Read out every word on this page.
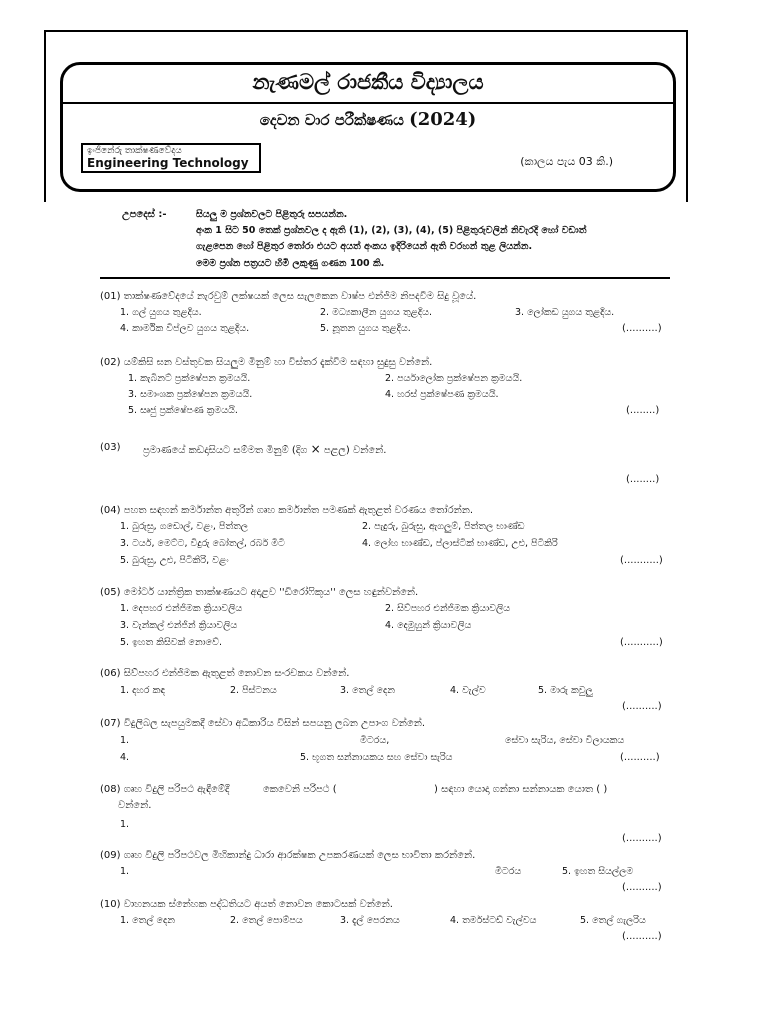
නැණමල් රාජකීය විද්‍යාලය
දෙවන වාර පරීක්ෂණය (2024)
ඉංජිනේරු තාක්ෂණවේදය
Engineering Technology	(කාලය පැය 03 කි.)
උපදෙස් :-	සියලු ම ප්‍රශ්නවලට පිළිතුරු සපයන්න.
අංක 1 සිට 50 තෙක් ප්‍රශ්නවල ද ඇති (1), (2), (3), (4), (5) පිළිතුරුවලින් නිවැරදි හෝ වඩාත්
ගැළපෙන හෝ පිළිතුර තෝරා එයට අයත් අංකය ඉදිරියෙන් ඇති වරහන් තුළ ලියන්න.
මෙම ප්‍රශ්න පත්‍රයට හිමි ලකුණු ගණන 100 කි.
(01) තාක්ෂණවේදයේ නැරවුම් ලක්ෂයක් ලෙස සැලකෙන වාෂ්ප එන්ජිම නිපදවීම සිදු වූයේ.
1. ගල් යුගය තුළදිය.	2. මධ්‍යකාලීන යුගය තුළදිය.	3. ලෝකඩ යුගය තුළදිය.
4. කාර්මික විප්ලව යුගය තුළදිය.	5. නූතන යුගය තුළදිය.	(..........)
(02) යම්කිසි ඝන වස්තුවක සියලුම මිනුම් හා විස්තර දැක්වීම සඳහා සුදුසු වන්නේ.
1. කැබිනට් ප්‍රක්ෂේපන ක්‍රමයයි.	2. පර්යාලෝක ප්‍රක්ෂේපන ක්‍රමයයි.
3. සමාංශක ප්‍රක්ෂේපන ක්‍රමයයි.	4. හරස් ප්‍රක්ෂේපණ ක්‍රමයයි.
5. සෘජු ප්‍රක්ෂේපණ ක්‍රමයයි.	(........)
(03) ප්‍රමාණයේ කඩදාසියට සම්මත මිනුම් (දිග × පළල) වන්නේ.
(........)
(04) පහත සඳහන් කර්මාන්ත අතුරින් ගෘහ කර්මාන්ත පමණක් ඇතුළත් වරණය තෝරන්න.
1. බුරුසු, ගඩොල්, වළං, පිත්තල	2. පැදුරු, බුරුසු, ඇගලුම්, පිත්තල භාණ්ඩ
3. ටයර්, මෙට්ට, විදුරු බෝතල්, රබර් මිටි	4. ලෝහ භාණ්ඩ, ප්ලාස්ටික් භාණ්ඩ, උළු, පිටිකිරි
5. බුරුසු, උළු, පිටිකිරි, වළං	(...........)
(05) මෝටර් යාන්ත්‍රික තාක්ෂණයට අදාළව ''ඩිරෝෆිකුය'' ලෙස හඳුන්වන්නේ.
1. දෙපහර එන්ජිමක ක්‍රියාවලිය	2. සිව්පහර එන්ජිමක ක්‍රියාවලිය
3. වැන්කල් එන්ජින් ක්‍රියාවලිය	4. දෙමුහුන් ක්‍රියාවලිය
5. ඉහත කිසිවක් නොවේ.	(...........)
(06) සිව්පහර එන්ජිමක ඇතුළත් නොවන සංරචකය වන්නේ.
1. දහර කඳ	2. පිස්ටනය	3. තෙල් දෙන	4. වැල්ව	5. මාරු කවුලු
(..........)
(07) විදුලිබල සැපයුමකදී සේවා අධිකාරිය විසින් සපයනු ලබන උපාංග වන්නේ.
1.	මීටරය,	සේවා සැරිය, සේවා විලායකය
4.	5. භූගත සන්නායකය සහ සේවා සැරිය	(..........)
(08) ගෘහ විදුලි පරිපථ ඇඳීමේදී	කෙවෙනි පරිපථ (	) සඳහා යොදා ගන්නා සන්නායක යොත ( )
වන්නේ.
1.
(..........)
(09) ගෘහ විදුලි පරිපථවල මිහිකාන්දු ධාරා ආරක්ෂක උපකරණයක් ලෙස භාවිතා කරන්නේ.
1.	මීටරය	5. ඉහත සියල්ලම
(..........)
(10) වාහනයක ස්නේහක පද්ධතියට අයත් නොවන කොටසක් වන්නේ.
1. තෙල් දෙන	2. තෙල් පොම්පය	3. දැල් පෙරනය	4. තර්මස්ටඩ් වැල්වය	5. තෙල් ගැලරිය
(..........)
